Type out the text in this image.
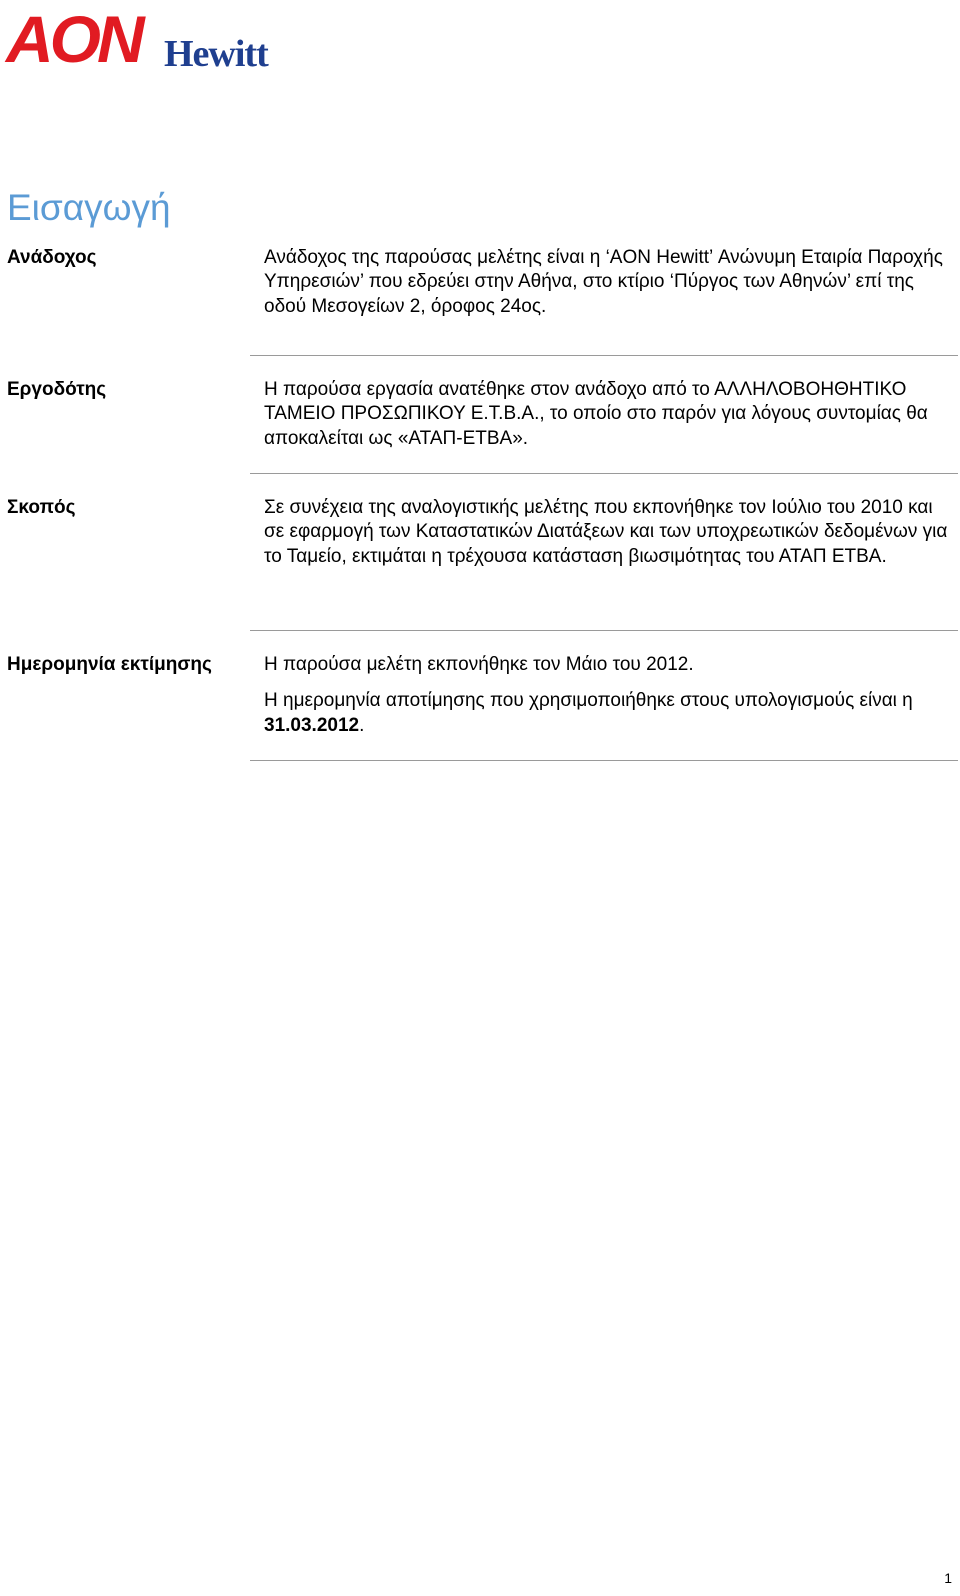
AON Hewitt
Εισαγωγή
Ανάδοχος	Ανάδοχος της παρούσας μελέτης είναι η ‘AON Hewitt’ Ανώνυμη Εταιρία Παροχής Υπηρεσιών’ που εδρεύει στην Αθήνα, στο κτίριο ‘Πύργος των Αθηνών’ επί της οδού Μεσογείων 2, όροφος 24ος.

Εργοδότης	Η παρούσα εργασία ανατέθηκε στον ανάδοχο από το ΑΛΛΗΛΟΒΟΗΘΗΤΙΚΟ ΤΑΜΕΙΟ ΠΡΟΣΩΠΙΚΟΥ Ε.Τ.Β.Α., το οποίο στο παρόν για λόγους συντομίας θα αποκαλείται ως «ΑΤΑΠ-ΕΤΒΑ».

Σκοπός	Σε συνέχεια της αναλογιστικής μελέτης που εκπονήθηκε τον Ιούλιο του 2010 και σε εφαρμογή των Καταστατικών Διατάξεων και των υποχρεωτικών δεδομένων για το Ταμείο, εκτιμάται η τρέχουσα κατάσταση βιωσιμότητας του ΑΤΑΠ ΕΤΒΑ.

Ημερομηνία εκτίμησης	Η παρούσα μελέτη εκπονήθηκε τον Μάιο του 2012.

Η ημερομηνία αποτίμησης που χρησιμοποιήθηκε στους υπολογισμούς είναι η 31.03.2012.

1
